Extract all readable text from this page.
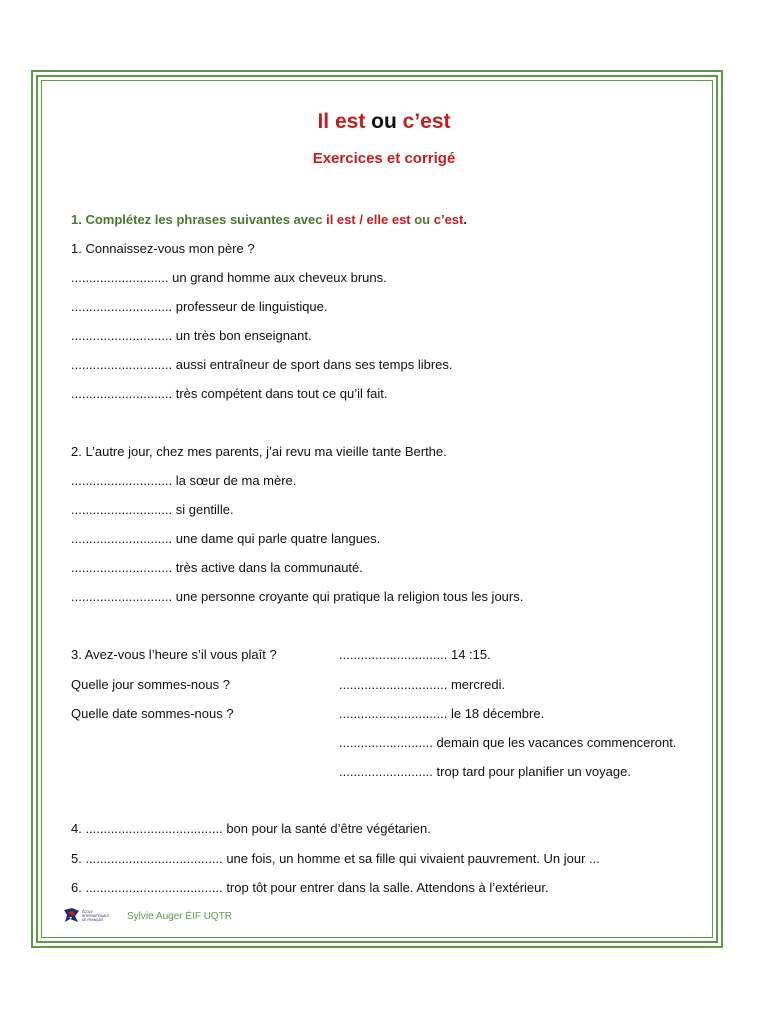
Il est ou c’est
Exercices et corrigé
1. Complétez les phrases suivantes avec il est / elle est ou c’est.
1. Connaissez-vous mon père ?
........................... un grand homme aux cheveux bruns.
............................ professeur de linguistique.
............................ un très bon enseignant.
............................ aussi entraîneur de sport dans ses temps libres.
............................ très compétent dans tout ce qu’il fait.
2. L’autre jour, chez mes parents, j’ai revu ma vieille tante Berthe.
............................ la sœur de ma mère.
............................ si gentille.
............................ une dame qui parle quatre langues.
............................ très active dans la communauté.
............................ une personne croyante qui pratique la religion tous les jours.
3. Avez-vous l’heure s’il vous plaît ?
Quelle jour sommes-nous ?
Quelle date sommes-nous ?
.............................. 14 :15.
.............................. mercredi.
.............................. le 18 décembre.
.......................... demain que les vacances commenceront.
.......................... trop tard pour planifier un voyage.
4. ...................................... bon pour la santé d’être végétarien.
5. ...................................... une fois, un homme et sa fille qui vivaient pauvrement. Un jour ...
6. ...................................... trop tôt pour entrer dans la salle. Attendons à l’extérieur.
ÉCOLE
INTERNATIONALE
DE FRANÇAIS Sylvie Auger ÉIF UQTR
